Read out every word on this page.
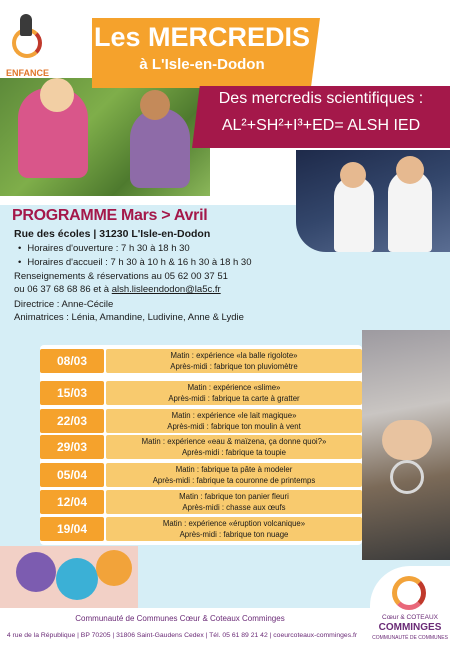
ENFANCE
Les MERCREDIS
à L'Isle-en-Dodon
Des mercredis scientifiques :
AL²+SH²+I³+ED= ALSH IED
PROGRAMME Mars > Avril
Rue des écoles | 31230 L'Isle-en-Dodon
• Horaires d'ouverture : 7 h 30 à 18 h 30
• Horaires d'accueil : 7 h 30 à 10 h & 16 h 30 à 18 h 30
Renseignements & réservations au 05 62 00 37 51
ou 06 37 68 68 86 et à alsh.lisleendodon@la5c.fr
Directrice : Anne-Cécile
Animatrices : Lénia, Amandine, Ludivine, Anne & Lydie
08/03	Matin : expérience «la balle rigolote»
Après-midi : fabrique ton pluviomètre
15/03	Matin : expérience «slime»
Après-midi : fabrique ta carte à gratter
22/03	Matin : expérience «le lait magique»
Après-midi : fabrique ton moulin à vent
29/03	Matin : expérience «eau & maïzena, ça donne quoi?»
Après-midi : fabrique ta toupie
05/04	Matin : fabrique ta pâte à modeler
Après-midi : fabrique ta couronne de printemps
12/04	Matin : fabrique ton panier fleuri
Après-midi : chasse aux œufs
19/04	Matin : expérience «éruption volcanique»
Après-midi : fabrique ton nuage
Communauté de Communes Cœur & Coteaux Comminges
4 rue de la République | BP 70205 | 31806 Saint-Gaudens Cedex | Tél. 05 61 89 21 42 | coeurcoteaux-comminges.fr
Cœur & COTEAUX
COMMINGES
COMMUNAUTÉ DE COMMUNES
